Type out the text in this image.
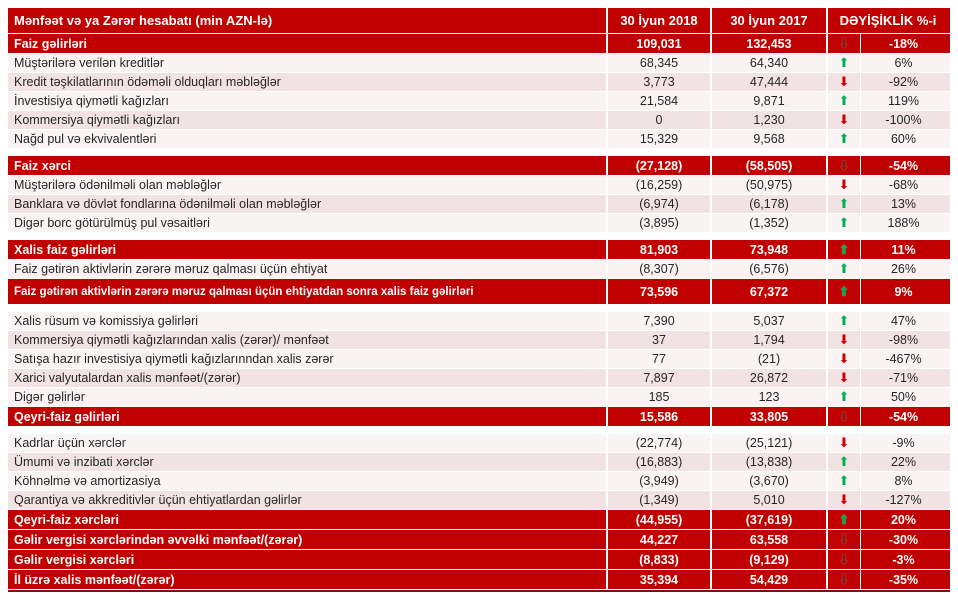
Mənfəət və ya Zərər hesabatı (min AZN-lə)	30 İyun 2018	30 İyun 2017	DƏYİŞİKLİK %-i
Faiz gəlirləri	109,031	132,453 ⬇	-18%
Müştərilərə verilən kreditlər	68,345	64,340 ⬆	6%
Kredit təşkilatlarının ödəməli olduqları məbləğlər	3,773	47,444 ⬇	-92%
İnvestisiya qiymətli kağızları	21,584	9,871 ⬆	119%
Kommersiya qiymətli kağızları	0	1,230 ⬇	-100%
Nağd pul və ekvivalentləri	15,329	9,568 ⬆	60%
Faiz xərci	(27,128)	(58,505) ⬇	-54%
Müştərilərə ödənilməli olan məbləğlər	(16,259)	(50,975) ⬇	-68%
Banklara və dövlət fondlarına ödənilməli olan məbləğlər	(6,974)	(6,178) ⬆	13%
Digər borc götürülmüş pul vəsaitləri	(3,895)	(1,352) ⬆	188%
Xalis faiz gəlirləri	81,903	73,948 ⬆	11%
Faiz gətirən aktivlərin zərərə məruz qalması üçün ehtiyat	(8,307)	(6,576) ⬆	26%
Faiz gətirən aktivlərin zərərə məruz qalması üçün ehtiyatdan sonra xalis faiz gəlirləri	73,596	67,372 ⬆	9%
Xalis rüsum və komissiya gəlirləri	7,390	5,037 ⬆	47%
Kommersiya qiymətli kağızlarından xalis (zərər)/ mənfəət	37	1,794 ⬇	-98%
Satışa hazır investisiya qiymətli kağızlarınndan xalis zərər	77	(21) ⬇	-467%
Xarici valyutalardan xalis mənfəət/(zərər)	7,897	26,872 ⬇	-71%
Digər gəlirlər	185	123 ⬆	50%
Qeyri-faiz gəlirləri	15,586	33,805 ⬇	-54%
Kadrlar üçün xərclər	(22,774)	(25,121) ⬇	-9%
Ümumi və inzibati xərclər	(16,883)	(13,838) ⬆	22%
Köhnəlmə və amortizasiya	(3,949)	(3,670) ⬆	8%
Qarantiya və akkreditivlər üçün ehtiyatlardan gəlirlər	(1,349)	5,010 ⬇	-127%
Qeyri-faiz xərcləri	(44,955)	(37,619) ⬆	20%
Gəlir vergisi xərclərindən əvvəlki mənfəət/(zərər)	44,227	63,558 ⬇	-30%
Gəlir vergisi xərcləri	(8,833)	(9,129) ⬇	-3%
İl üzrə xalis mənfəət/(zərər)	35,394	54,429 ⬇	-35%
